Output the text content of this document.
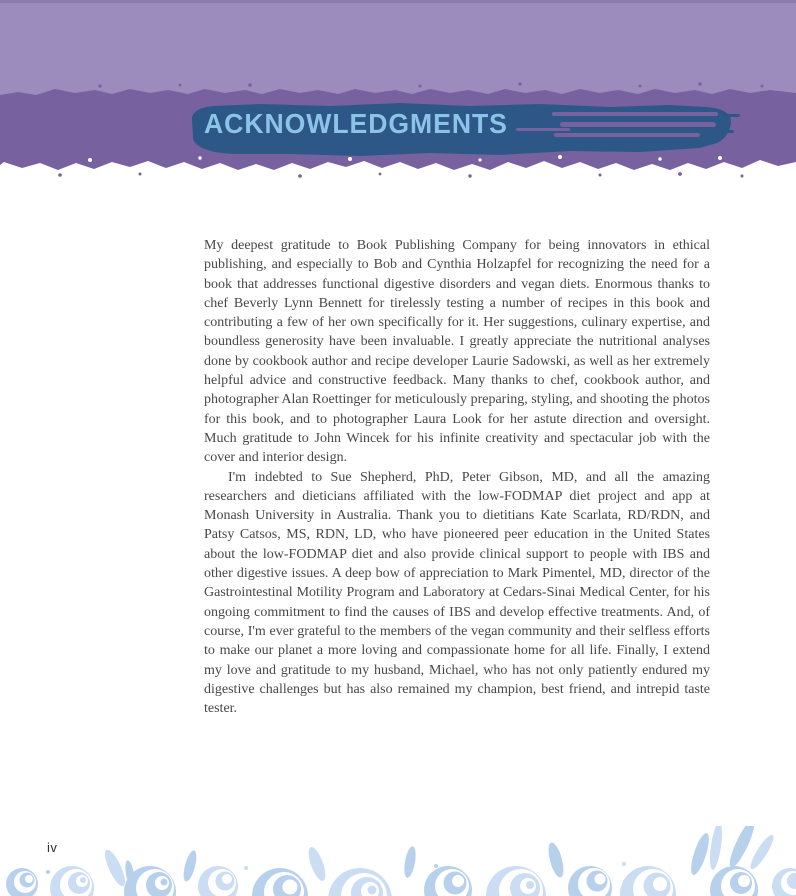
ACKNOWLEDGMENTS

My deepest gratitude to Book Publishing Company for being innovators in ethical publishing, and especially to Bob and Cynthia Holzapfel for recognizing the need for a book that addresses functional digestive disorders and vegan diets. Enormous thanks to chef Beverly Lynn Bennett for tirelessly testing a number of recipes in this book and contributing a few of her own specifically for it. Her suggestions, culinary expertise, and boundless generosity have been invaluable. I greatly appreciate the nutritional analyses done by cookbook author and recipe developer Laurie Sadowski, as well as her extremely helpful advice and constructive feedback. Many thanks to chef, cookbook author, and photographer Alan Roettinger for meticulously preparing, styling, and shooting the photos for this book, and to photographer Laura Look for her astute direction and oversight. Much gratitude to John Wincek for his infinite creativity and spectacular job with the cover and interior design.

I'm indebted to Sue Shepherd, PhD, Peter Gibson, MD, and all the amazing researchers and dieticians affiliated with the low-FODMAP diet project and app at Monash University in Australia. Thank you to dietitians Kate Scarlata, RD/RDN, and Patsy Catsos, MS, RDN, LD, who have pioneered peer education in the United States about the low-FODMAP diet and also provide clinical support to people with IBS and other digestive issues. A deep bow of appreciation to Mark Pimentel, MD, director of the Gastrointestinal Motility Program and Laboratory at Cedars-Sinai Medical Center, for his ongoing commitment to find the causes of IBS and develop effective treatments. And, of course, I'm ever grateful to the members of the vegan community and their selfless efforts to make our planet a more loving and compassionate home for all life. Finally, I extend my love and gratitude to my husband, Michael, who has not only patiently endured my digestive challenges but has also remained my champion, best friend, and intrepid taste tester.

iv
